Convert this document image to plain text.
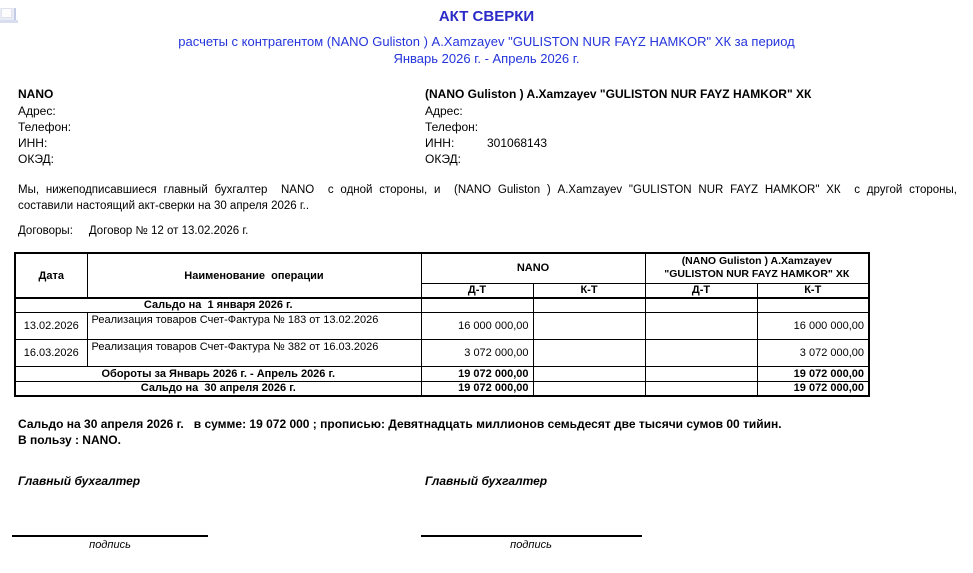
АКТ СВЕРКИ
расчеты с контрагентом (NANO Guliston ) A.Xamzayev "GULISTON NUR FAYZ HAMKOR" ХК за период
Январь 2026 г. - Апрель 2026 г.
NANO
Адрес:
Телефон:
ИНН:
ОКЭД:
(NANO Guliston ) A.Xamzayev "GULISTON NUR FAYZ HAMKOR" ХК
Адрес:
Телефон:
ИНН:	301068143
ОКЭД:
Мы, нижеподписавшиеся главный бухгалтер  NANO  с одной стороны, и  (NANO Guliston ) A.Xamzayev "GULISTON NUR FAYZ HAMKOR" ХК  с другой стороны,
составили настоящий акт-сверки на 30 апреля 2026 г..
Договоры: Договор № 12 от 13.02.2026 г.
Дата	Наименование  операции	NANO		(NANO Guliston ) A.Xamzayev
"GULISTON NUR FAYZ HAMKOR" ХК	

		Д-Т	К-Т	Д-Т	К-Т
Сальдо на  1 января 2026 г.					
13.02.2026	Реализация товаров Счет-Фактура № 183 от 13.02.2026	16 000 000,00			16 000 000,00
16.03.2026	Реализация товаров Счет-Фактура № 382 от 16.03.2026	3 072 000,00			3 072 000,00
Обороты за Январь 2026 г. - Апрель 2026 г.		19 072 000,00			19 072 000,00
Сальдо на  30 апреля 2026 г.		19 072 000,00			19 072 000,00
Сальдо на 30 апреля 2026 г.   в сумме: 19 072 000 ; прописью: Девятнадцать миллионов семьдесят две тысячи сумов 00 тийин.
В пользу : NANO.
Главный бухгалтер	Главный бухгалтер
подпись	подпись
